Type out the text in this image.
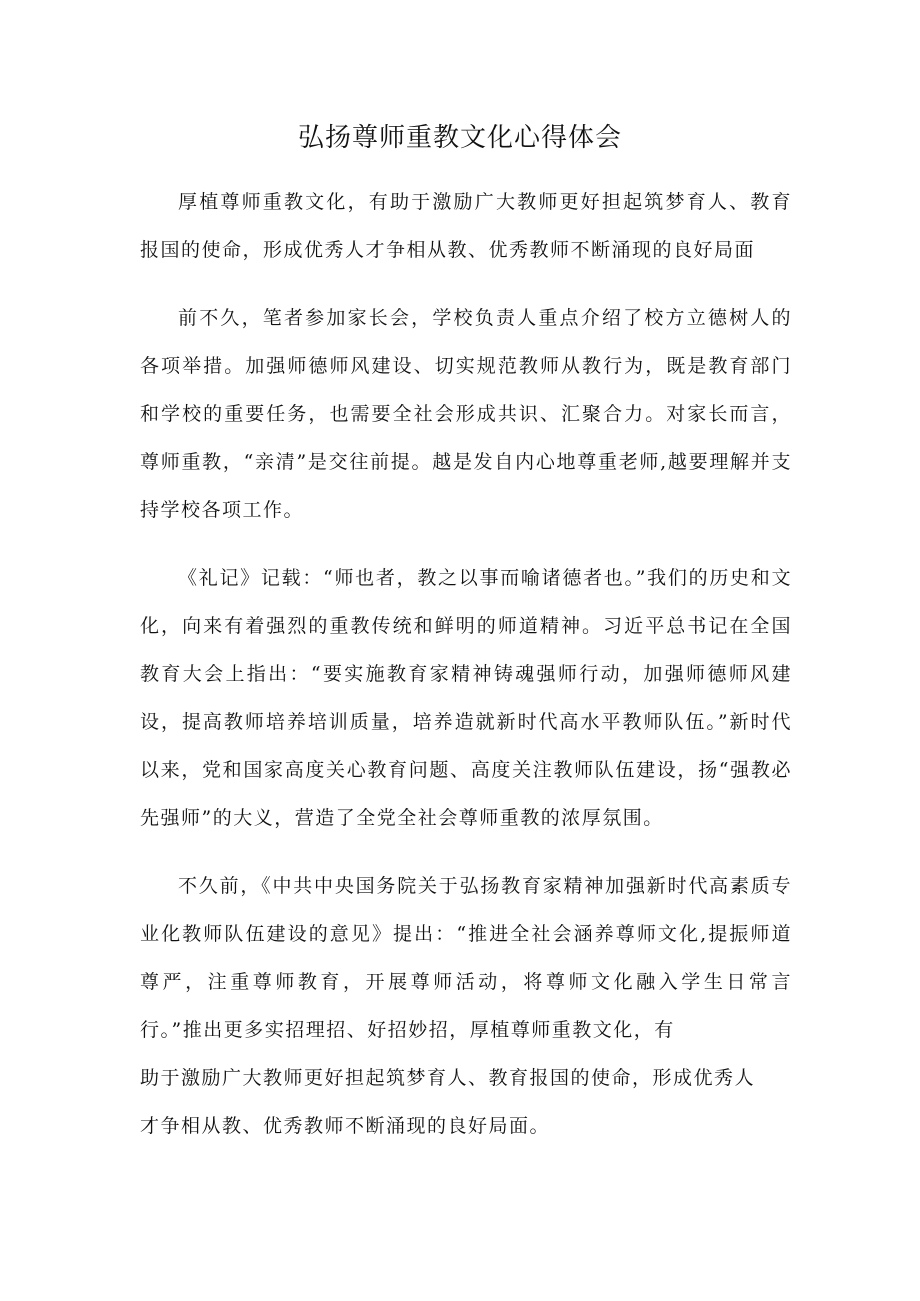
弘扬尊师重教文化心得体会

厚植尊师重教文化，有助于激励广大教师更好担起筑梦育人、教育报国的使命，形成优秀人才争相从教、优秀教师不断涌现的良好局面

前不久，笔者参加家长会，学校负责人重点介绍了校方立德树人的各项举措。加强师德师风建设、切实规范教师从教行为，既是教育部门和学校的重要任务，也需要全社会形成共识、汇聚合力。对家长而言，尊师重教，“亲清”是交往前提。越是发自内心地尊重老师,越要理解并支持学校各项工作。

《礼记》记载：“师也者，教之以事而喻诸德者也。”我们的历史和文化，向来有着强烈的重教传统和鲜明的师道精神。习近平总书记在全国教育大会上指出：“要实施教育家精神铸魂强师行动，加强师德师风建设，提高教师培养培训质量，培养造就新时代高水平教师队伍。”新时代以来，党和国家高度关心教育问题、高度关注教师队伍建设，扬“强教必先强师”的大义，营造了全党全社会尊师重教的浓厚氛围。

不久前，《中共中央国务院关于弘扬教育家精神加强新时代高素质专业化教师队伍建设的意见》提出：“推进全社会涵养尊师文化,提振师道尊严，注重尊师教育，开展尊师活动，将尊师文化融入学生日常言行。”推出更多实招理招、好招妙招，厚植尊师重教文化，有

助于激励广大教师更好担起筑梦育人、教育报国的使命，形成优秀人

才争相从教、优秀教师不断涌现的良好局面。
